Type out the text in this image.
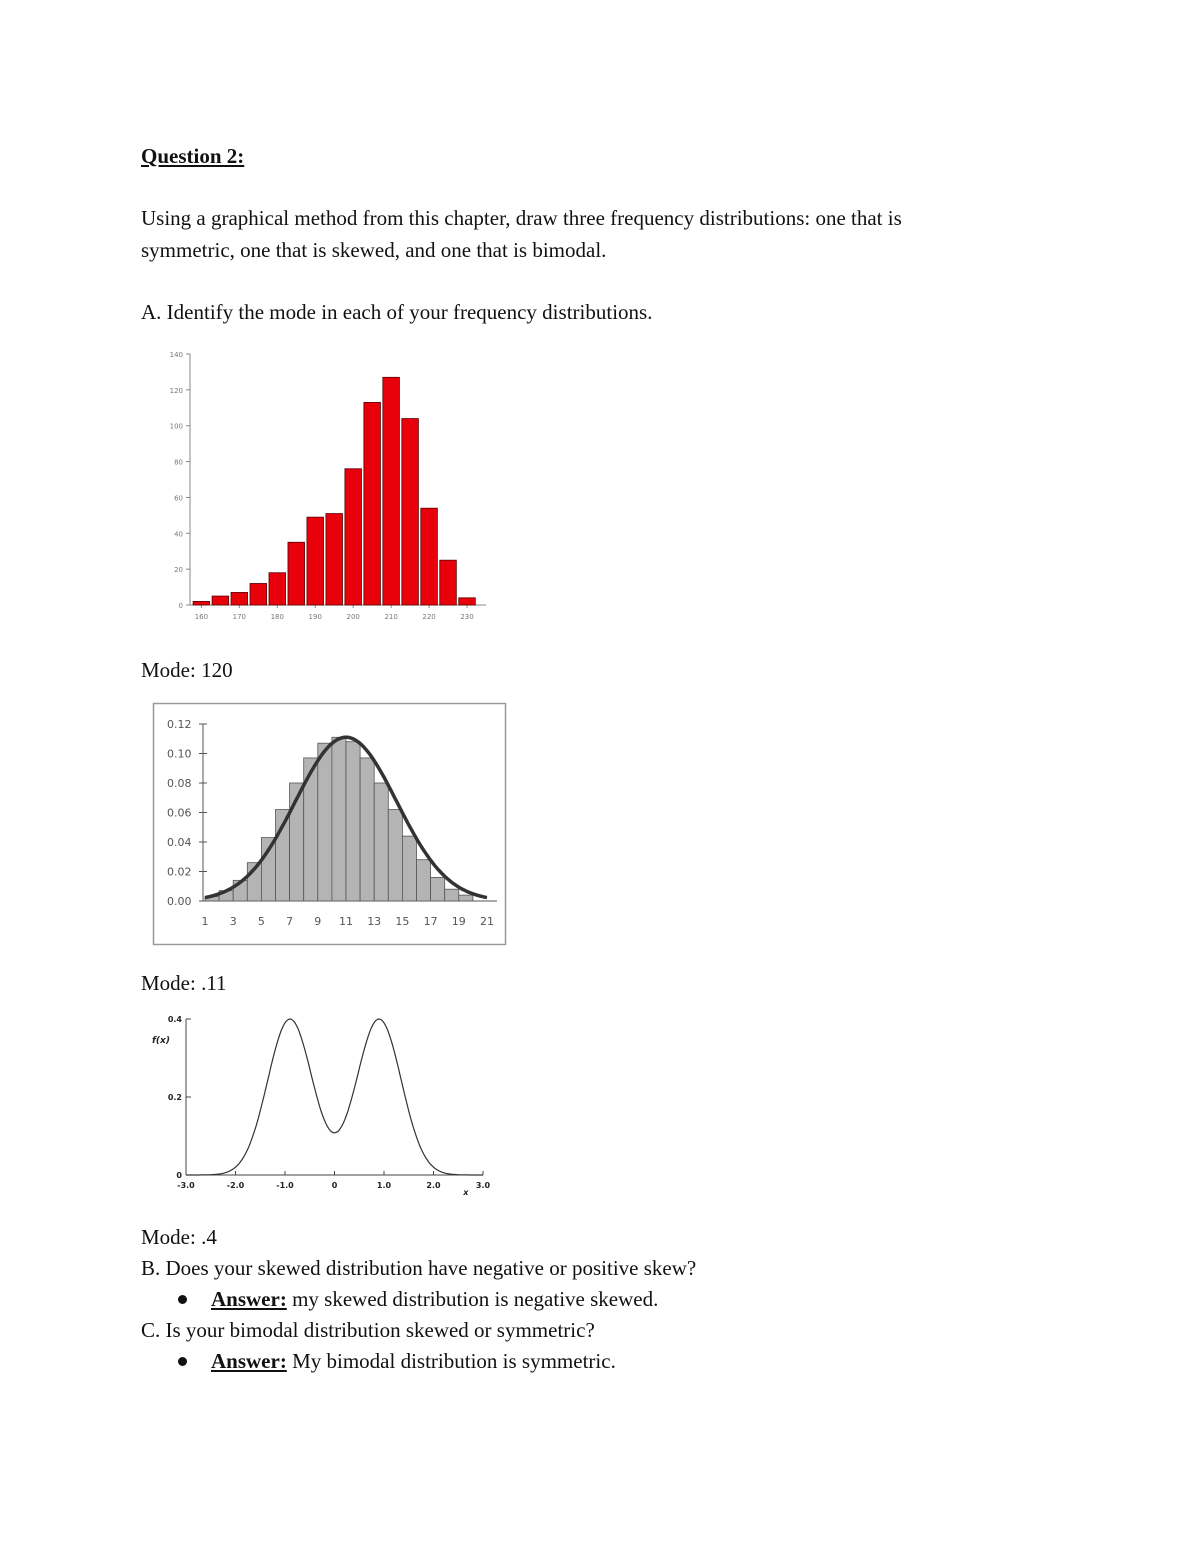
Question 2:
Using a graphical method from this chapter, draw three frequency distributions: one that is
symmetric, one that is skewed, and one that is bimodal.
A. Identify the mode in each of your frequency distributions.
0
20
40
60
80
100
120
140
160	170	180	190	200	210	220	230
Mode: 120
0.00
0.02
0.04
0.06
0.08
0.10
0.12
1 3 5 7 9 11 13 15 17 19 21
Mode: .11
0
0.2
0.4
f(x)
-3.0	-2.0	-1.0	0	1.0	2.0	3.0
x
Mode: .4
B. Does your skewed distribution have negative or positive skew?
Answer: my skewed distribution is negative skewed.
C. Is your bimodal distribution skewed or symmetric?
Answer: My bimodal distribution is symmetric.
